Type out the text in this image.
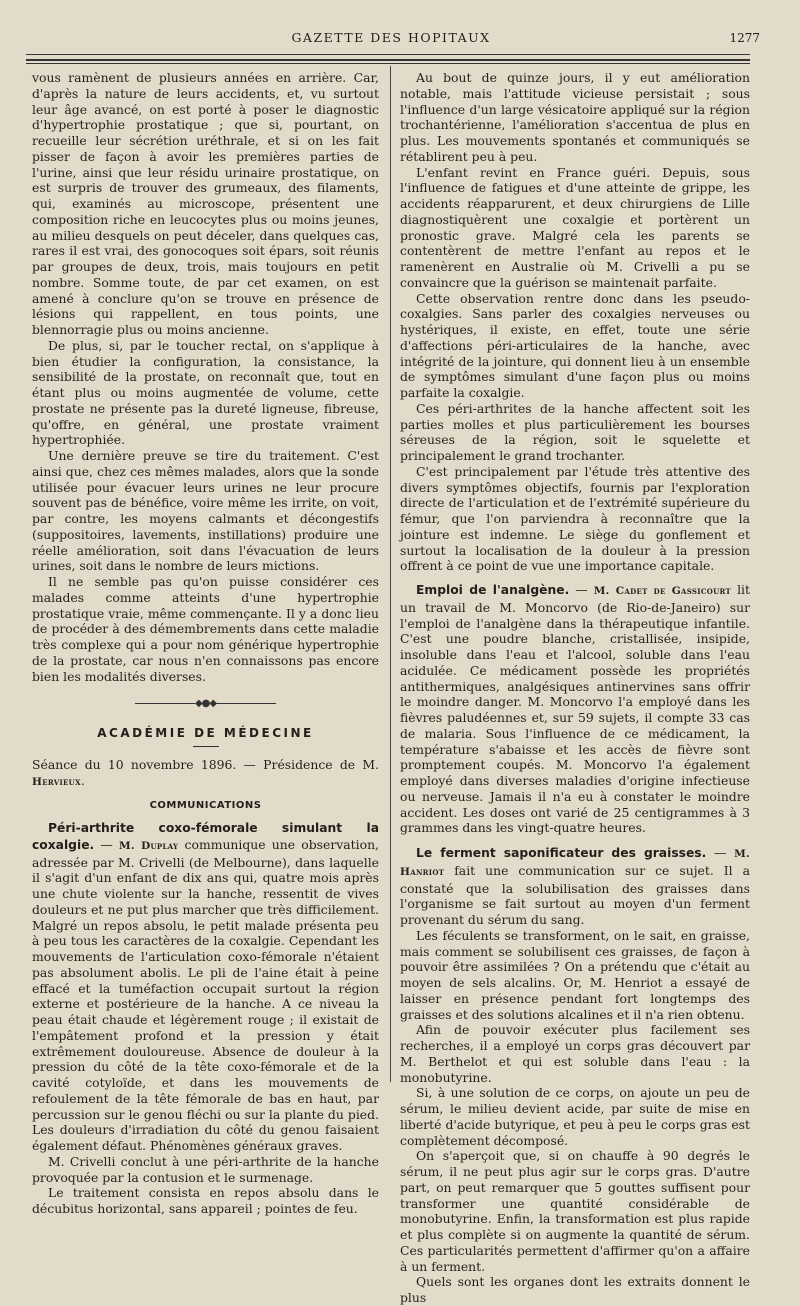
GAZETTE DES HOPITAUX	1277

vous ramènent de plusieurs années en arrière. Car, d'après la nature de leurs accidents, et, vu surtout leur âge avancé, on est porté à poser le diagnostic d'hypertrophie prostatique ; que si, pourtant, on recueille leur sécrétion uréthrale, et si on les fait pisser de façon à avoir les premières parties de l'urine, ainsi que leur résidu urinaire prostatique, on est surpris de trouver des grumeaux, des filaments, qui, examinés au microscope, présentent une composition riche en leucocytes plus ou moins jeunes, au milieu desquels on peut déceler, dans quelques cas, rares il est vrai, des gonocoques soit épars, soit réunis par groupes de deux, trois, mais toujours en petit nombre. Somme toute, de par cet examen, on est amené à conclure qu'on se trouve en présence de lésions qui rappellent, en tous points, une blennorragie plus ou moins ancienne.

De plus, si, par le toucher rectal, on s'applique à bien étudier la configuration, la consistance, la sensibilité de la prostate, on reconnaît que, tout en étant plus ou moins augmentée de volume, cette prostate ne présente pas la dureté ligneuse, fibreuse, qu'offre, en général, une prostate vraiment hypertrophiée.

Une dernière preuve se tire du traitement. C'est ainsi que, chez ces mêmes malades, alors que la sonde utilisée pour évacuer leurs urines ne leur procure souvent pas de bénéfice, voire même les irrite, on voit, par contre, les moyens calmants et décongestifs (suppositoires, lavements, instillations) produire une réelle amélioration, soit dans l'évacuation de leurs urines, soit dans le nombre de leurs mictions.

Il ne semble pas qu'on puisse considérer ces malades comme atteints d'une hypertrophie prostatique vraie, même commençante. Il y a donc lieu de procéder à des démembrements dans cette maladie très complexe qui a pour nom générique hypertrophie de la prostate, car nous n'en connaissons pas encore bien les modalités diverses.

◆●◆
ACADÉMIE DE MÉDECINE

Séance du 10 novembre 1896. — Présidence de M. Hervieux.

COMMUNICATIONS

Péri-arthrite coxo-fémorale simulant la coxalgie. — M. Duplay communique une observation, adressée par M. Crivelli (de Melbourne), dans laquelle il s'agit d'un enfant de dix ans qui, quatre mois après une chute violente sur la hanche, ressentit de vives douleurs et ne put plus marcher que très difficilement. Malgré un repos absolu, le petit malade présenta peu à peu tous les caractères de la coxalgie. Cependant les mouvements de l'articulation coxo-fémorale n'étaient pas absolument abolis. Le pli de l'aine était à peine effacé et la tuméfaction occupait surtout la région externe et postérieure de la hanche. A ce niveau la peau était chaude et légèrement rouge ; il existait de l'empâtement profond et la pression y était extrêmement douloureuse. Absence de douleur à la pression du côté de la tête coxo-fémorale et de la cavité cotyloïde, et dans les mouvements de refoulement de la tête fémorale de bas en haut, par percussion sur le genou fléchi ou sur la plante du pied. Les douleurs d'irradiation du côté du genou faisaient également défaut. Phénomènes généraux graves.

M. Crivelli conclut à une péri-arthrite de la hanche provoquée par la contusion et le surmenage.

Le traitement consista en repos absolu dans le décubitus horizontal, sans appareil ; pointes de feu.

Au bout de quinze jours, il y eut amélioration notable, mais l'attitude vicieuse persistait ; sous l'influence d'un large vésicatoire appliqué sur la région trochantérienne, l'amélioration s'accentua de plus en plus. Les mouvements spontanés et communiqués se rétablirent peu à peu.

L'enfant revint en France guéri. Depuis, sous l'influence de fatigues et d'une atteinte de grippe, les accidents réapparurent, et deux chirurgiens de Lille diagnostiquèrent une coxalgie et portèrent un pronostic grave. Malgré cela les parents se contentèrent de mettre l'enfant au repos et le ramenèrent en Australie où M. Crivelli a pu se convaincre que la guérison se maintenait parfaite.

Cette observation rentre donc dans les pseudo-coxalgies. Sans parler des coxalgies nerveuses ou hystériques, il existe, en effet, toute une série d'affections péri-articulaires de la hanche, avec intégrité de la jointure, qui donnent lieu à un ensemble de symptômes simulant d'une façon plus ou moins parfaite la coxalgie.

Ces péri-arthrites de la hanche affectent soit les parties molles et plus particulièrement les bourses séreuses de la région, soit le squelette et principalement le grand trochanter.

C'est principalement par l'étude très attentive des divers symptômes objectifs, fournis par l'exploration directe de l'articulation et de l'extrémité supérieure du fémur, que l'on parviendra à reconnaître que la jointure est indemne. Le siège du gonflement et surtout la localisation de la douleur à la pression offrent à ce point de vue une importance capitale.

Emploi de l'analgène. — M. Cadet de Gassicourt lit un travail de M. Moncorvo (de Rio-de-Janeiro) sur l'emploi de l'analgène dans la thérapeutique infantile. C'est une poudre blanche, cristallisée, insipide, insoluble dans l'eau et l'alcool, soluble dans l'eau acidulée. Ce médicament possède les propriétés antithermiques, analgésiques antinervines sans offrir le moindre danger. M. Moncorvo l'a employé dans les fièvres paludéennes et, sur 59 sujets, il compte 33 cas de malaria. Sous l'influence de ce médicament, la température s'abaisse et les accès de fièvre sont promptement coupés. M. Moncorvo l'a également employé dans diverses maladies d'origine infectieuse ou nerveuse. Jamais il n'a eu à constater le moindre accident. Les doses ont varié de 25 centigrammes à 3 grammes dans les vingt-quatre heures.

Le ferment saponificateur des graisses. — M. Hanriot fait une communication sur ce sujet. Il a constaté que la solubilisation des graisses dans l'organisme se fait surtout au moyen d'un ferment provenant du sérum du sang.

Les féculents se transforment, on le sait, en graisse, mais comment se solubilisent ces graisses, de façon à pouvoir être assimilées ? On a prétendu que c'était au moyen de sels alcalins. Or, M. Henriot a essayé de laisser en présence pendant fort longtemps des graisses et des solutions alcalines et il n'a rien obtenu.

Afin de pouvoir exécuter plus facilement ses recherches, il a employé un corps gras découvert par M. Berthelot et qui est soluble dans l'eau : la monobutyrine.

Si, à une solution de ce corps, on ajoute un peu de sérum, le milieu devient acide, par suite de mise en liberté d'acide butyrique, et peu à peu le corps gras est complètement décomposé.

On s'aperçoit que, si on chauffe à 90 degrés le sérum, il ne peut plus agir sur le corps gras. D'autre part, on peut remarquer que 5 gouttes suffisent pour transformer une quantité considérable de monobutyrine. Enfin, la transformation est plus rapide et plus complète si on augmente la quantité de sérum. Ces particularités permettent d'affirmer qu'on a affaire à un ferment.

Quels sont les organes dont les extraits donnent le plus
